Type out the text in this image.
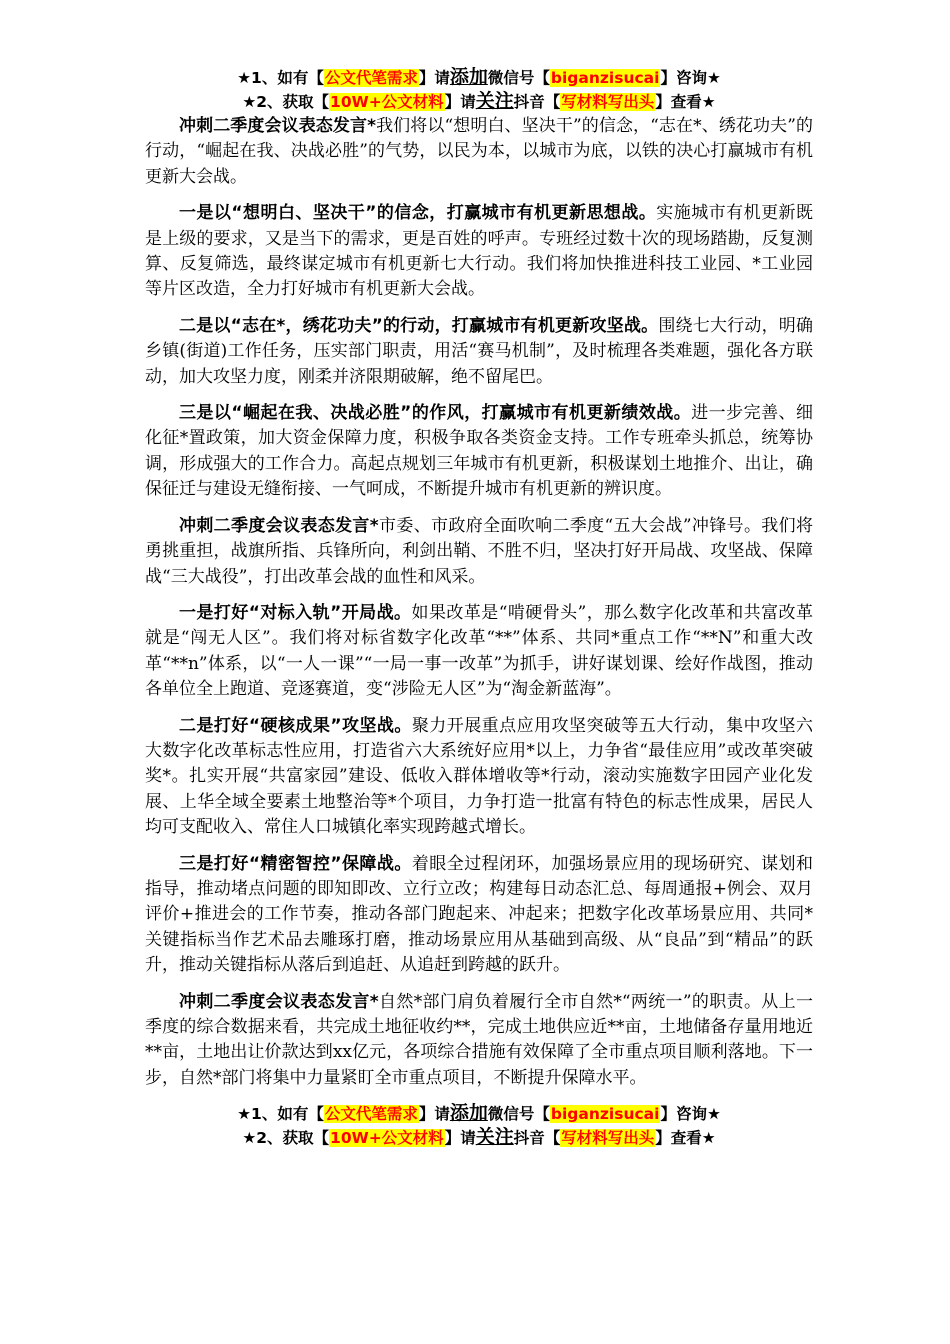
★1、如有【公文代笔需求】请添加微信号【biganzisucai】咨询★
★2、获取【10W+公文材料】请关注抖音【写材料写出头】查看★

冲刺二季度会议表态发言*我们将以“想明白、坚决干”的信念，“志在*、绣花功夫”的行动，“崛起在我、决战必胜”的气势，以民为本，以城市为底，以铁的决心打赢城市有机更新大会战。

一是以“想明白、坚决干”的信念，打赢城市有机更新思想战。实施城市有机更新既是上级的要求，又是当下的需求，更是百姓的呼声。专班经过数十次的现场踏勘，反复测算、反复筛选，最终谋定城市有机更新七大行动。我们将加快推进科技工业园、*工业园等片区改造，全力打好城市有机更新大会战。

二是以“志在*，绣花功夫”的行动，打赢城市有机更新攻坚战。围绕七大行动，明确乡镇(街道)工作任务，压实部门职责，用活“赛马机制”，及时梳理各类难题，强化各方联动，加大攻坚力度，刚柔并济限期破解，绝不留尾巴。

三是以“崛起在我、决战必胜”的作风，打赢城市有机更新绩效战。进一步完善、细化征*置政策，加大资金保障力度，积极争取各类资金支持。工作专班牵头抓总，统筹协调，形成强大的工作合力。高起点规划三年城市有机更新，积极谋划土地推介、出让，确保征迁与建设无缝衔接、一气呵成，不断提升城市有机更新的辨识度。

冲刺二季度会议表态发言*市委、市政府全面吹响二季度“五大会战”冲锋号。我们将勇挑重担，战旗所指、兵锋所向，利剑出鞘、不胜不归，坚决打好开局战、攻坚战、保障战“三大战役”，打出改革会战的血性和风采。

一是打好“对标入轨”开局战。如果改革是“啃硬骨头”，那么数字化改革和共富改革就是“闯无人区”。我们将对标省数字化改革“**”体系、共同*重点工作“**N”和重大改革“**n”体系，以“一人一课”“一局一事一改革”为抓手，讲好谋划课、绘好作战图，推动各单位全上跑道、竞逐赛道，变“涉险无人区”为“淘金新蓝海”。

二是打好“硬核成果”攻坚战。聚力开展重点应用攻坚突破等五大行动，集中攻坚六大数字化改革标志性应用，打造省六大系统好应用*以上，力争省“最佳应用”或改革突破奖*。扎实开展“共富家园”建设、低收入群体增收等*行动，滚动实施数字田园产业化发展、上华全域全要素土地整治等*个项目，力争打造一批富有特色的标志性成果，居民人均可支配收入、常住人口城镇化率实现跨越式增长。

三是打好“精密智控”保障战。着眼全过程闭环，加强场景应用的现场研究、谋划和指导，推动堵点问题的即知即改、立行立改；构建每日动态汇总、每周通报+例会、双月评价+推进会的工作节奏，推动各部门跑起来、冲起来；把数字化改革场景应用、共同*关键指标当作艺术品去雕琢打磨，推动场景应用从基础到高级、从“良品”到“精品”的跃升，推动关键指标从落后到追赶、从追赶到跨越的跃升。

冲刺二季度会议表态发言*自然*部门肩负着履行全市自然*“两统一”的职责。从上一季度的综合数据来看，共完成土地征收约**，完成土地供应近**亩，土地储备存量用地近**亩，土地出让价款达到xx亿元，各项综合措施有效保障了全市重点项目顺利落地。下一步，自然*部门将集中力量紧盯全市重点项目，不断提升保障水平。

★1、如有【公文代笔需求】请添加微信号【biganzisucai】咨询★
★2、获取【10W+公文材料】请关注抖音【写材料写出头】查看★
